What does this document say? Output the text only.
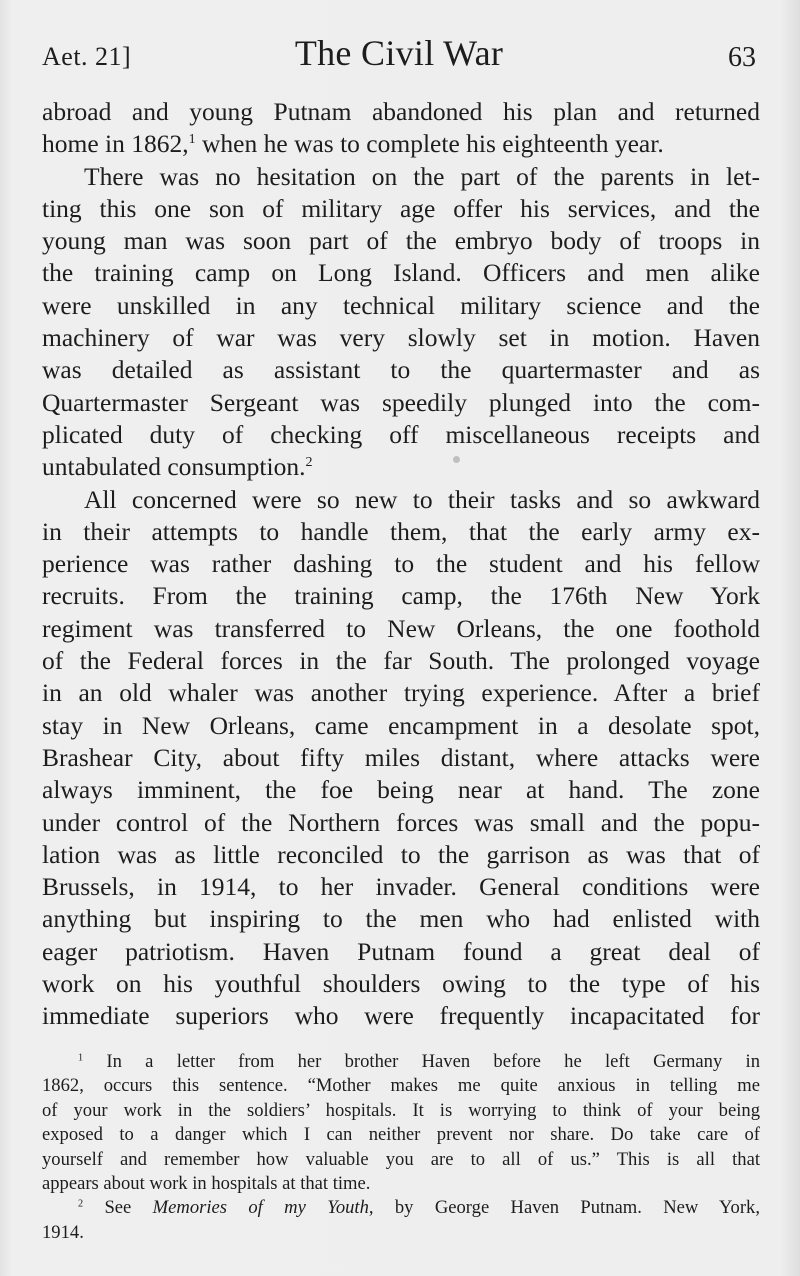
Aet. 21]	The Civil War	63
abroad and young Putnam abandoned his plan and returned
home in 1862,$^1$ when he was to complete his eighteenth year.
There was no hesitation on the part of the parents in let-
ting this one son of military age offer his services, and the
young man was soon part of the embryo body of troops in
the training camp on Long Island. Officers and men alike
were unskilled in any technical military science and the
machinery of war was very slowly set in motion. Haven
was detailed as assistant to the quartermaster and as
Quartermaster Sergeant was speedily plunged into the com-
plicated duty of checking off miscellaneous receipts and
untabulated consumption.$^2$
All concerned were so new to their tasks and so awkward
in their attempts to handle them, that the early army ex-
perience was rather dashing to the student and his fellow
recruits. From the training camp, the 176th New York
regiment was transferred to New Orleans, the one foothold
of the Federal forces in the far South. The prolonged voyage
in an old whaler was another trying experience. After a brief
stay in New Orleans, came encampment in a desolate spot,
Brashear City, about fifty miles distant, where attacks were
always imminent, the foe being near at hand. The zone
under control of the Northern forces was small and the popu-
lation was as little reconciled to the garrison as was that of
Brussels, in 1914, to her invader. General conditions were
anything but inspiring to the men who had enlisted with
eager patriotism. Haven Putnam found a great deal of
work on his youthful shoulders owing to the type of his
immediate superiors who were frequently incapacitated for
$^1$ In a letter from her brother Haven before he left Germany in
1862, occurs this sentence. “Mother makes me quite anxious in telling me
of your work in the soldiers’ hospitals. It is worrying to think of your being
exposed to a danger which I can neither prevent nor share. Do take care of
yourself and remember how valuable you are to all of us.” This is all that
appears about work in hospitals at that time.
$^2$ See Memories of my Youth, by George Haven Putnam. New York,
1914.
